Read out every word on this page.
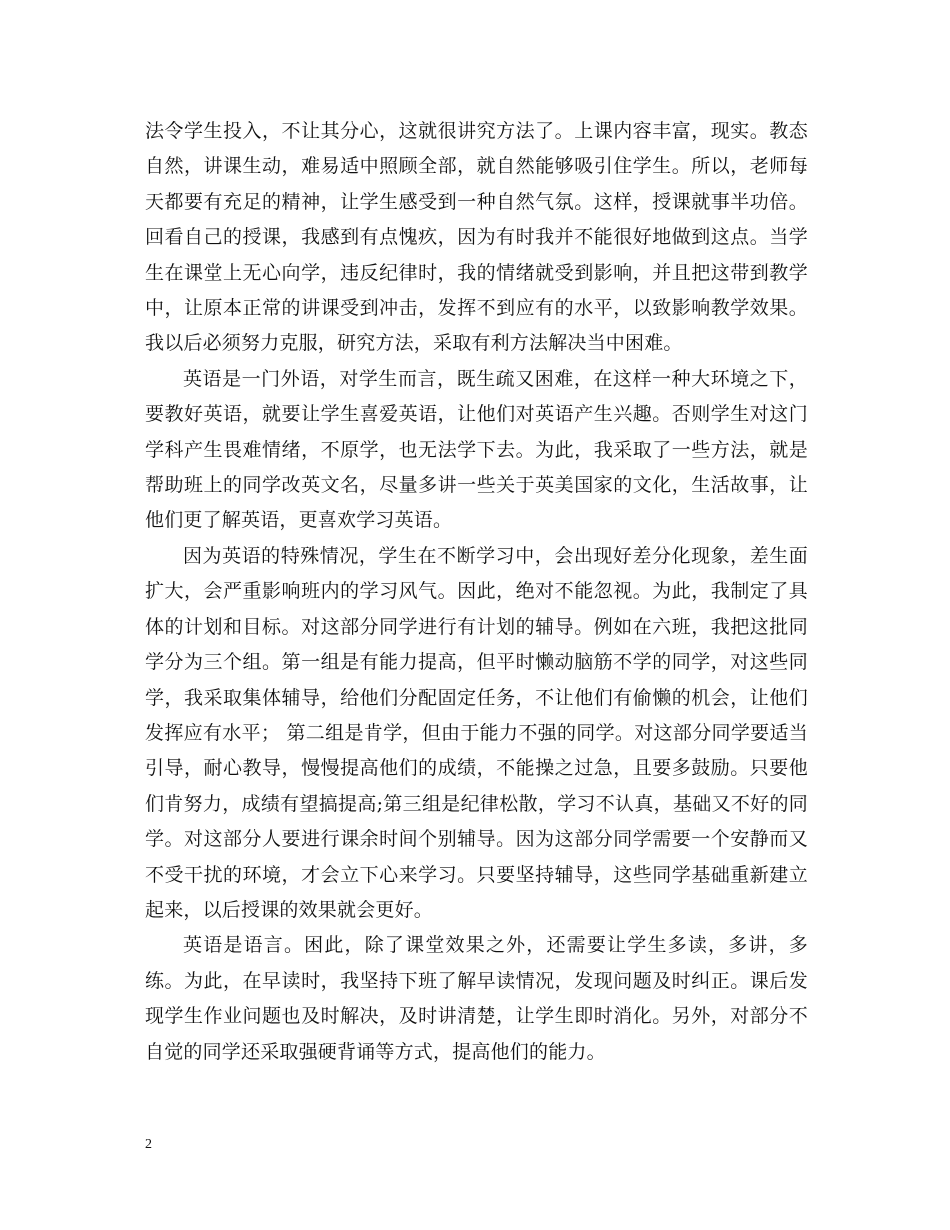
法令学生投入，不让其分心，这就很讲究方法了。上课内容丰富，现实。教态自然，讲课生动，难易适中照顾全部，就自然能够吸引住学生。所以，老师每天都要有充足的精神，让学生感受到一种自然气氛。这样，授课就事半功倍。回看自己的授课，我感到有点愧疚，因为有时我并不能很好地做到这点。当学生在课堂上无心向学，违反纪律时，我的情绪就受到影响，并且把这带到教学中，让原本正常的讲课受到冲击，发挥不到应有的水平，以致影响教学效果。我以后必须努力克服，研究方法，采取有利方法解决当中困难。

英语是一门外语，对学生而言，既生疏又困难，在这样一种大环境之下，要教好英语，就要让学生喜爱英语，让他们对英语产生兴趣。否则学生对这门学科产生畏难情绪，不原学，也无法学下去。为此，我采取了一些方法，就是帮助班上的同学改英文名，尽量多讲一些关于英美国家的文化，生活故事，让他们更了解英语，更喜欢学习英语。

因为英语的特殊情况，学生在不断学习中，会出现好差分化现象，差生面扩大，会严重影响班内的学习风气。因此，绝对不能忽视。为此，我制定了具体的计划和目标。对这部分同学进行有计划的辅导。例如在六班，我把这批同学分为三个组。第一组是有能力提高，但平时懒动脑筋不学的同学，对这些同学，我采取集体辅导，给他们分配固定任务，不让他们有偷懒的机会，让他们发挥应有水平； 第二组是肯学，但由于能力不强的同学。对这部分同学要适当引导，耐心教导，慢慢提高他们的成绩，不能操之过急，且要多鼓励。只要他们肯努力，成绩有望搞提高;第三组是纪律松散，学习不认真，基础又不好的同学。对这部分人要进行课余时间个别辅导。因为这部分同学需要一个安静而又不受干扰的环境，才会立下心来学习。只要坚持辅导，这些同学基础重新建立起来，以后授课的效果就会更好。

英语是语言。困此，除了课堂效果之外，还需要让学生多读，多讲，多练。为此，在早读时，我坚持下班了解早读情况，发现问题及时纠正。课后发现学生作业问题也及时解决，及时讲清楚，让学生即时消化。另外，对部分不自觉的同学还采取强硬背诵等方式，提高他们的能力。

2
